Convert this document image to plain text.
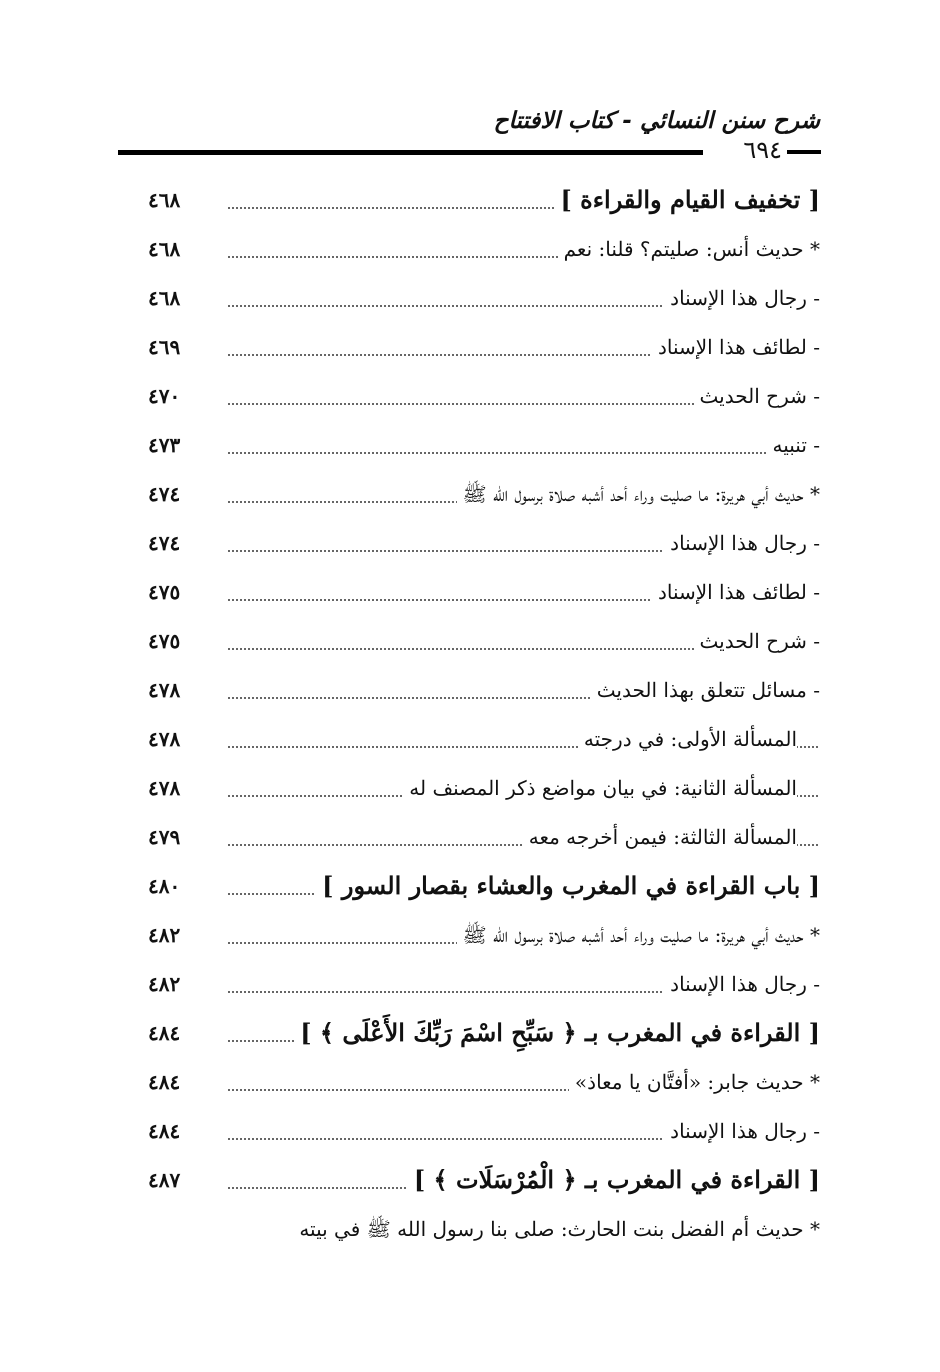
شرح سنن النسائي - كتاب الافتتاح
٦٩٤
[ تخفيف القيام والقراءة ]
٤٦٨
* حديث أنس: صليتم؟ قلنا: نعم
٤٦٨
- رجال هذا الإسناد
٤٦٨
- لطائف هذا الإسناد
٤٦٩
- شرح الحديث
٤٧٠
- تنبيه
٤٧٣
* حديث أبي هريرة: ما صليت وراء أحد أشبه صلاة برسول الله ﷺ
٤٧٤
- رجال هذا الإسناد
٤٧٤
- لطائف هذا الإسناد
٤٧٥
- شرح الحديث
٤٧٥
- مسائل تتعلق بهذا الحديث
٤٧٨
المسألة الأولى: في درجته
٤٧٨
المسألة الثانية: في بيان مواضع ذكر المصنف له
٤٧٨
المسألة الثالثة: فيمن أخرجه معه
٤٧٩
[ باب القراءة في المغرب والعشاء بقصار السور ]
٤٨٠
* حديث أبي هريرة: ما صليت وراء أحد أشبه صلاة برسول الله ﷺ
٤٨٢
- رجال هذا الإسناد
٤٨٢
[ القراءة في المغرب بـ ﴿ سَبِّحِ اسْمَ رَبِّكَ الأَعْلَى ﴾ ]
٤٨٤
* حديث جابر: «أفتَّان يا معاذ»
٤٨٤
- رجال هذا الإسناد
٤٨٤
[ القراءة في المغرب بـ ﴿ الْمُرْسَلَات ﴾ ]
٤٨٧
* حديث أم الفضل بنت الحارث: صلى بنا رسول الله ﷺ في بيته
